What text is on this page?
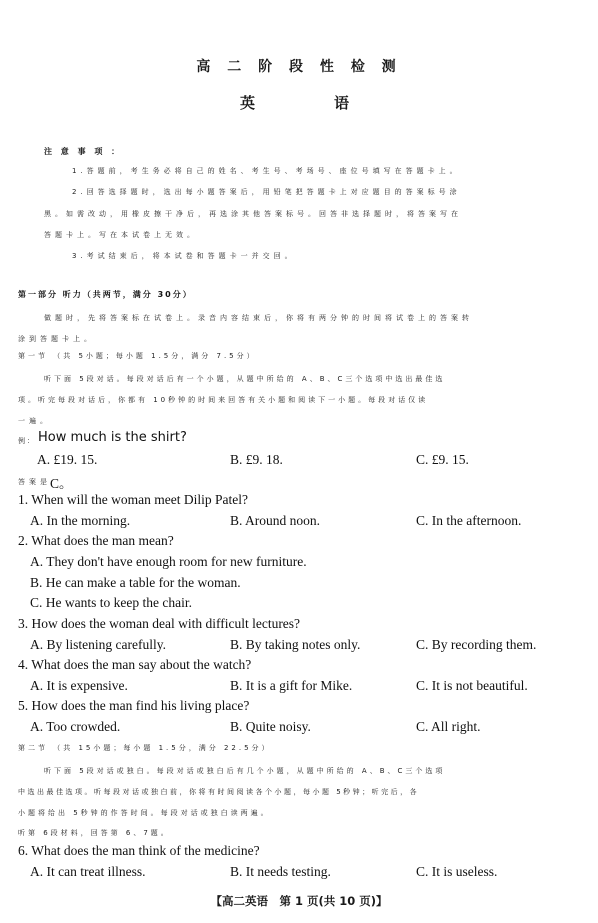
高 二 阶 段 性 检 测
英	语
注 意 事 项 ：
1.答题前，考生务必将自己的姓名、考生号、考场号、座位号填写在答题卡上。
2.回答选择题时，选出每小题答案后，用铅笔把答题卡上对应题目的答案标号涂
黑。如需改动，用橡皮擦干净后，再选涂其他答案标号。回答非选择题时，将答案写在
答题卡上。写在本试卷上无效。
3.考试结束后，将本试卷和答题卡一并交回。
第一部分 听力（共两节，满分 30分）
做题时，先将答案标在试卷上。录音内容结束后，你将有两分钟的时间将试卷上的答案转
涂到答题卡上。
第一节 （共 5小题；每小题 1.5分，满分 7.5分）
听下面 5段对话。每段对话后有一个小题，从题中所给的 A、B、C三个选项中选出最佳选
项。听完每段对话后，你都有 10秒钟的时间来回答有关小题和阅读下一小题。每段对话仅读
一遍。
例： How much is the shirt?
A. £19. 15.	B. £9. 18.	C. £9. 15.
答案是 C。
1. When will the woman meet Dilip Patel?
A. In the morning.	B. Around noon.	C. In the afternoon.
2. What does the man mean?
A. They don't have enough room for new furniture.
B. He can make a table for the woman.
C. He wants to keep the chair.
3. How does the woman deal with difficult lectures?
A. By listening carefully.	B. By taking notes only.	C. By recording them.
4. What does the man say about the watch?
A. It is expensive.	B. It is a gift for Mike.	C. It is not beautiful.
5. How does the man find his living place?
A. Too crowded.	B. Quite noisy.	C. All right.
第二节 （共 15小题；每小题 1.5分，满分 22.5分）
听下面 5段对话或独白。每段对话或独白后有几个小题，从题中所给的 A、B、C三个选项
中选出最佳选项。听每段对话或独白前，你将有时间阅读各个小题，每小题 5秒钟；听完后，各
小题将给出 5秒钟的作答时间。每段对话或独白读两遍。
听第 6段材料，回答第 6、7题。
6. What does the man think of the medicine?
A. It can treat illness.	B. It needs testing.	C. It is useless.
【高二英语　第 1 页(共 10 页)】
